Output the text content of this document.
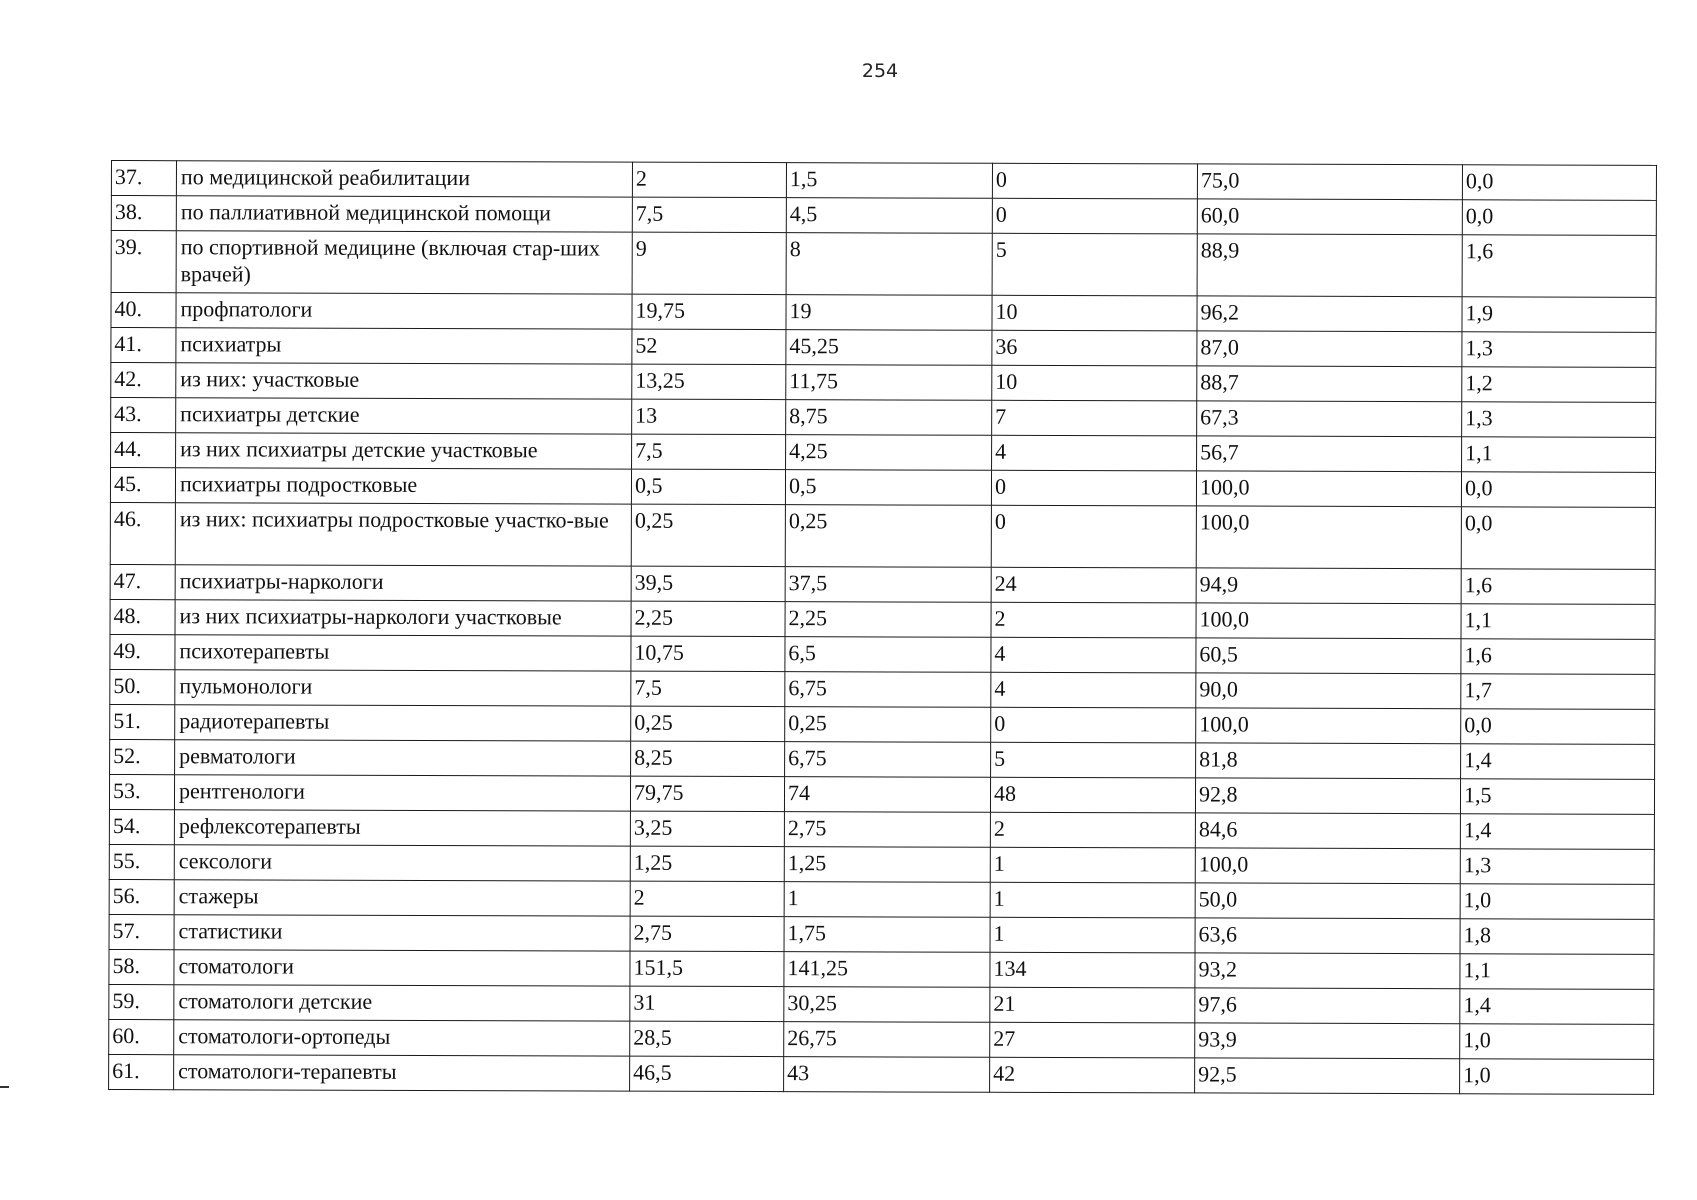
254
37.	по медицинской реабилитации	2	1,5	0	75,0	0,0
38.	по паллиативной медицинской помощи	7,5	4,5	0	60,0	0,0
39.	по спортивной медицине (включая стар-ших врачей)	9	8	5	88,9	1,6
40.	профпатологи	19,75	19	10	96,2	1,9
41.	психиатры	52	45,25	36	87,0	1,3
42.	из них: участковые	13,25	11,75	10	88,7	1,2
43.	психиатры детские	13	8,75	7	67,3	1,3
44.	из них психиатры детские участковые	7,5	4,25	4	56,7	1,1
45.	психиатры подростковые	0,5	0,5	0	100,0	0,0
46.	из них: психиатры подростковые участко-вые	0,25	0,25	0	100,0	0,0
47.	психиатры-наркологи	39,5	37,5	24	94,9	1,6
48.	из них психиатры-наркологи участковые	2,25	2,25	2	100,0	1,1
49.	психотерапевты	10,75	6,5	4	60,5	1,6
50.	пульмонологи	7,5	6,75	4	90,0	1,7
51.	радиотерапевты	0,25	0,25	0	100,0	0,0
52.	ревматологи	8,25	6,75	5	81,8	1,4
53.	рентгенологи	79,75	74	48	92,8	1,5
54.	рефлексотерапевты	3,25	2,75	2	84,6	1,4
55.	сексологи	1,25	1,25	1	100,0	1,3
56.	стажеры	2	1	1	50,0	1,0
57.	статистики	2,75	1,75	1	63,6	1,8
58.	стоматологи	151,5	141,25	134	93,2	1,1
59.	стоматологи детские	31	30,25	21	97,6	1,4
60.	стоматологи-ортопеды	28,5	26,75	27	93,9	1,0
61.	стоматологи-терапевты	46,5	43	42	92,5	1,0
